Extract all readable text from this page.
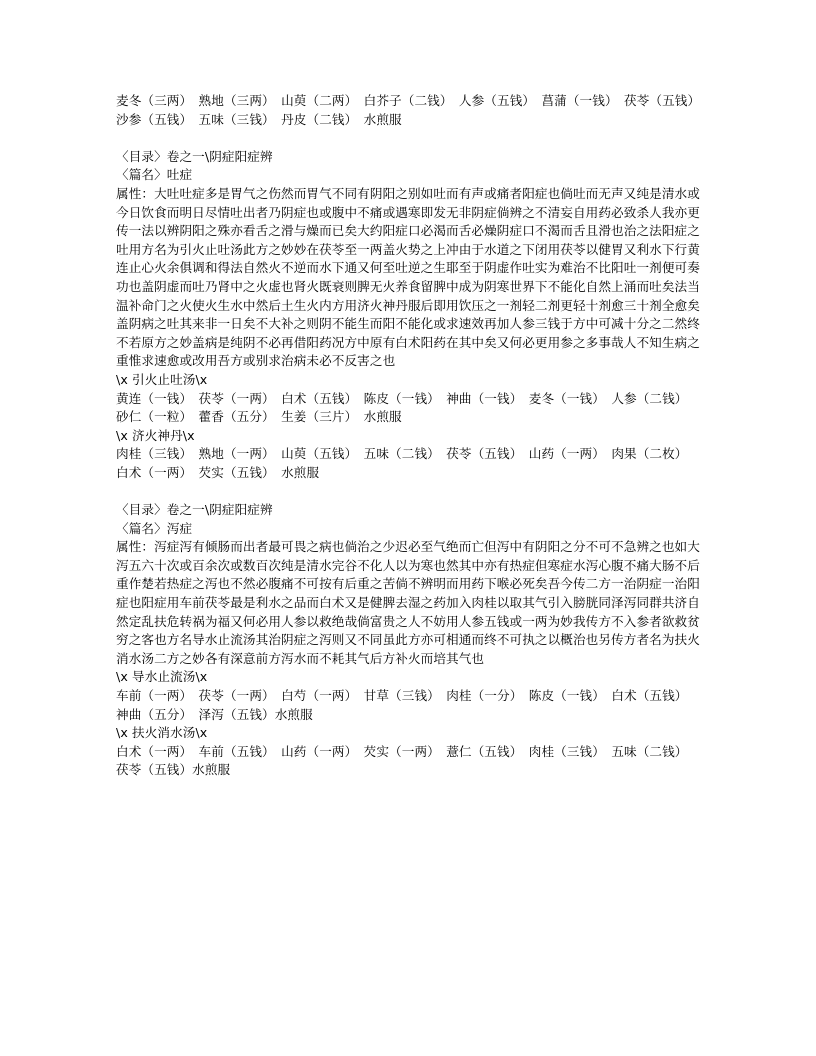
麦冬（三两）　熟地（三两）　山萸（二两）　白芥子（二钱）　人参（五钱）　菖蒲（一钱）　茯苓（五钱）　沙参（五钱）　五味（三钱）　丹皮（二钱）　水煎服

〈目录〉卷之一\阴症阳症辨
〈篇名〉吐症
属性：大吐吐症多是胃气之伤然而胃气不同有阴阳之别如吐而有声或痛者阳症也倘吐而无声又纯是清水或今日饮食而明日尽情吐出者乃阴症也或腹中不痛或遇寒即发无非阴症倘辨之不清妄自用药必致杀人我亦更传一法以辨阴阳之殊亦看舌之滑与燥而已矣大约阳症口必渴而舌必燥阴症口不渴而舌且滑也治之法阳症之吐用方名为引火止吐汤此方之妙妙在茯苓至一两盖火势之上冲由于水道之下闭用茯苓以健胃又利水下行黄连止心火余俱调和得法自然火不逆而水下通又何至吐逆之生耶至于阴虚作吐实为难治不比阳吐一剂便可奏功也盖阴虚而吐乃肾中之火虚也肾火既衰则脾无火养食留脾中成为阴寒世界下不能化自然上涌而吐矣法当温补命门之火使火生水中然后土生火内方用济火神丹服后即用饮压之一剂轻二剂更轻十剂愈三十剂全愈矣盖阴病之吐其来非一日矣不大补之则阴不能生而阳不能化或求速效再加人参三钱于方中可减十分之二然终不若原方之妙盖病是纯阴不必再借阳药况方中原有白术阳药在其中矣又何必更用参之多事哉人不知生病之重惟求速愈或改用吾方或别求治病未必不反害之也
\x 引火止吐汤\x
黄连（一钱）　茯苓（一两）　白术（五钱）　陈皮（一钱）　神曲（一钱）　麦冬（一钱）　人参（二钱）　砂仁（一粒）　藿香（五分）　生姜（三片）　水煎服
\x 济火神丹\x
肉桂（三钱）　熟地（一两）　山萸（五钱）　五味（二钱）　茯苓（五钱）　山药（一两）　肉果（二枚）　白术（一两）　芡实（五钱）　水煎服

〈目录〉卷之一\阴症阳症辨
〈篇名〉泻症
属性：泻症泻有倾肠而出者最可畏之病也倘治之少迟必至气绝而亡但泻中有阴阳之分不可不急辨之也如大泻五六十次或百余次或数百次纯是清水完谷不化人以为寒也然其中亦有热症但寒症水泻心腹不痛大肠不后重作楚若热症之泻也不然必腹痛不可按有后重之苦倘不辨明而用药下喉必死矣吾今传二方一治阴症一治阳症也阳症用车前茯苓最是利水之品而白术又是健脾去湿之药加入肉桂以取其气引入膀胱同泽泻同群共济自然定乱扶危转祸为福又何必用人参以救绝哉倘富贵之人不妨用人参五钱或一两为妙我传方不入参者欲救贫穷之客也方名导水止流汤其治阴症之泻则又不同虽此方亦可相通而终不可执之以概治也另传方者名为扶火消水汤二方之妙各有深意前方泻水而不耗其气后方补火而培其气也
\x 导水止流汤\x
车前（一两）　茯苓（一两）　白芍（一两）　甘草（三钱）　肉桂（一分）　陈皮（一钱）　白术（五钱）　神曲（五分）　泽泻（五钱）水煎服
\x 扶火消水汤\x
白术（一两）　车前（五钱）　山药（一两）　芡实（一两）　薏仁（五钱）　肉桂（三钱）　五味（二钱）　茯苓（五钱）水煎服
